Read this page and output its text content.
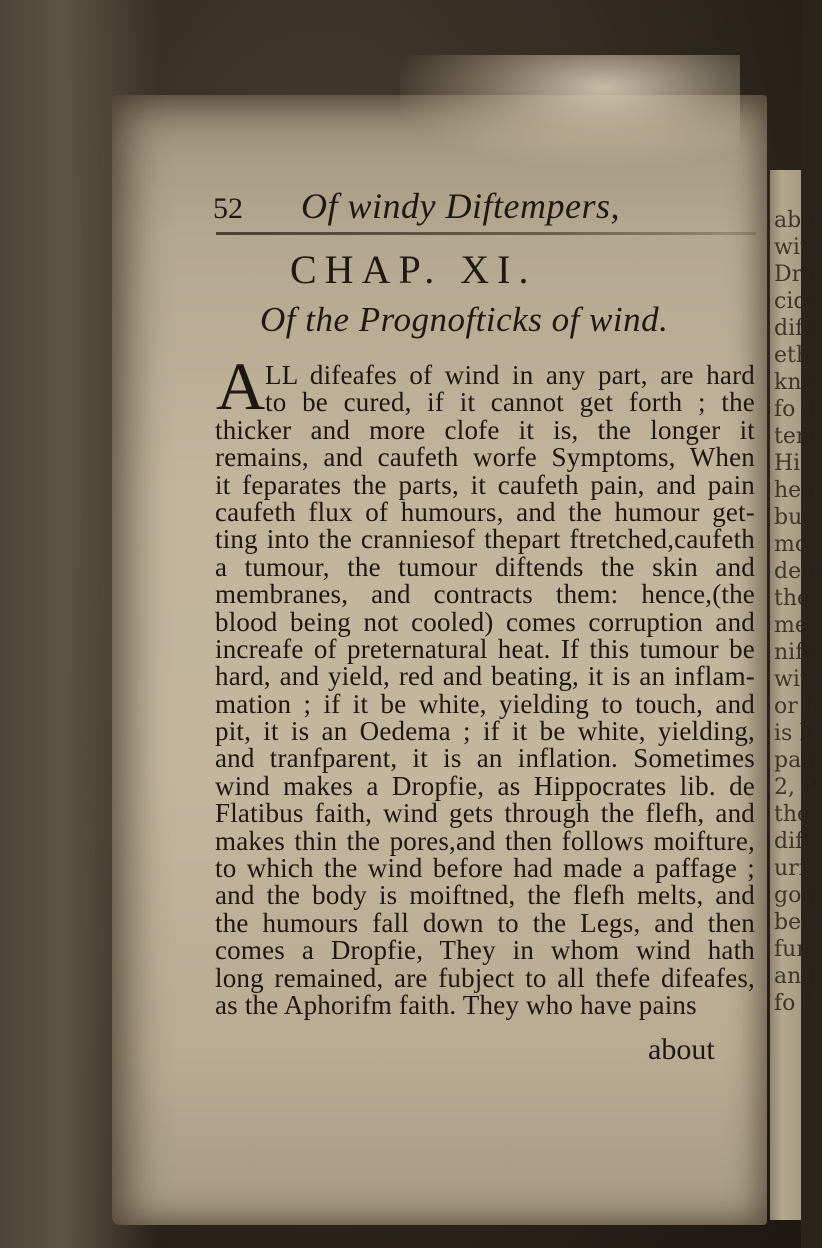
52 Of windy Diftempers,
CHAP. XI.
Of the Prognofticks of wind.
A LL difeafes of wind in any part, are hard
to be cured, if it cannot get forth ; the
thicker and more clofe it is, the longer it
remains, and caufeth worfe Symptoms, When
it feparates the parts, it caufeth pain, and pain
caufeth flux of humours, and the humour get-
ting into the cranniesof thepart ftretched,caufeth
a tumour, the tumour diftends the skin and
membranes, and contracts them: hence,(the
blood being not cooled) comes corruption and
increafe of preternatural heat. If this tumour be
hard, and yield, red and beating, it is an inflam-
mation ; if it be white, yielding to touch, and
pit, it is an Oedema ; if it be white, yielding,
and tranfparent, it is an inflation. Sometimes
wind makes a Dropfie, as Hippocrates lib. de
Flatibus faith, wind gets through the flefh, and
makes thin the pores,and then follows moifture,
to which the wind before had made a paffage ;
and the body is moiftned, the flefh melts, and
the humours fall down to the Legs, and then
comes a Dropfie, They in whom wind hath
long remained, are fubject to all thefe difeafes,
as the Aphorifm faith. They who have pains
about
abo
wit
Dro
cide
dife
eth
kne
fo d
tem
Hi
hea
but
mo
defe
the
me
nife
wit
or f
is h
pair
2, P
the
diff
uri
goo
bei
fun
and
fo f
